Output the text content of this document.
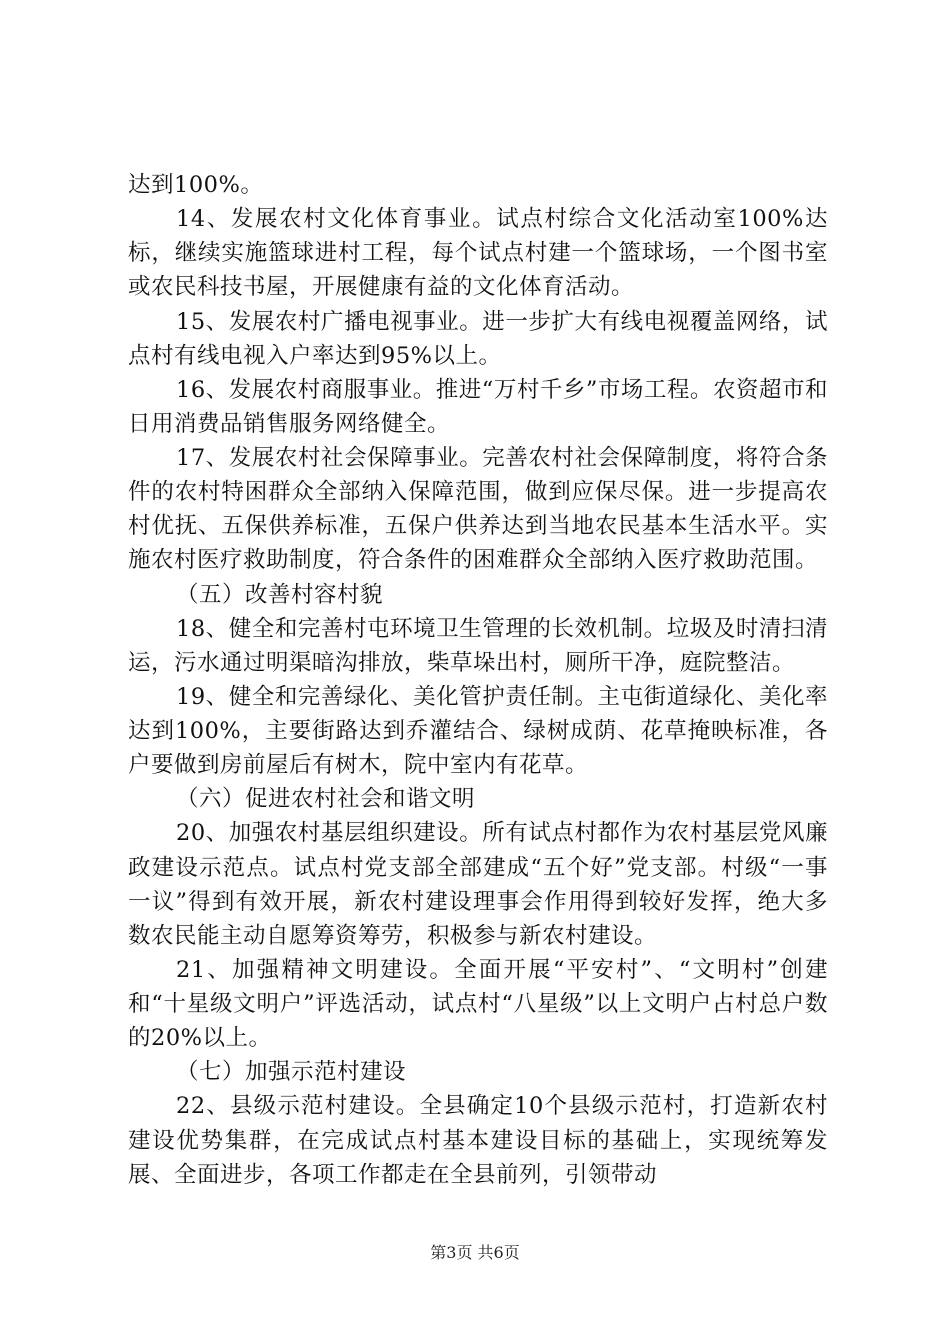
达到100%。

14、发展农村文化体育事业。试点村综合文化活动室100%达标，继续实施篮球进村工程，每个试点村建一个篮球场，一个图书室或农民科技书屋，开展健康有益的文化体育活动。

15、发展农村广播电视事业。进一步扩大有线电视覆盖网络，试点村有线电视入户率达到95%以上。

16、发展农村商服事业。推进“万村千乡”市场工程。农资超市和日用消费品销售服务网络健全。

17、发展农村社会保障事业。完善农村社会保障制度，将符合条件的农村特困群众全部纳入保障范围，做到应保尽保。进一步提高农村优抚、五保供养标准，五保户供养达到当地农民基本生活水平。实施农村医疗救助制度，符合条件的困难群众全部纳入医疗救助范围。

（五）改善村容村貌

18、健全和完善村屯环境卫生管理的长效机制。垃圾及时清扫清运，污水通过明渠暗沟排放，柴草垛出村，厕所干净，庭院整洁。

19、健全和完善绿化、美化管护责任制。主屯街道绿化、美化率达到100%，主要街路达到乔灌结合、绿树成荫、花草掩映标准，各户要做到房前屋后有树木，院中室内有花草。

（六）促进农村社会和谐文明

20、加强农村基层组织建设。所有试点村都作为农村基层党风廉政建设示范点。试点村党支部全部建成“五个好”党支部。村级“一事一议”得到有效开展，新农村建设理事会作用得到较好发挥，绝大多数农民能主动自愿筹资筹劳，积极参与新农村建设。

21、加强精神文明建设。全面开展“平安村”、“文明村”创建和“十星级文明户”评选活动，试点村“八星级”以上文明户占村总户数的20%以上。

（七）加强示范村建设

22、县级示范村建设。全县确定10个县级示范村，打造新农村建设优势集群，在完成试点村基本建设目标的基础上，实现统筹发展、全面进步，各项工作都走在全县前列，引领带动

第3页 共6页
